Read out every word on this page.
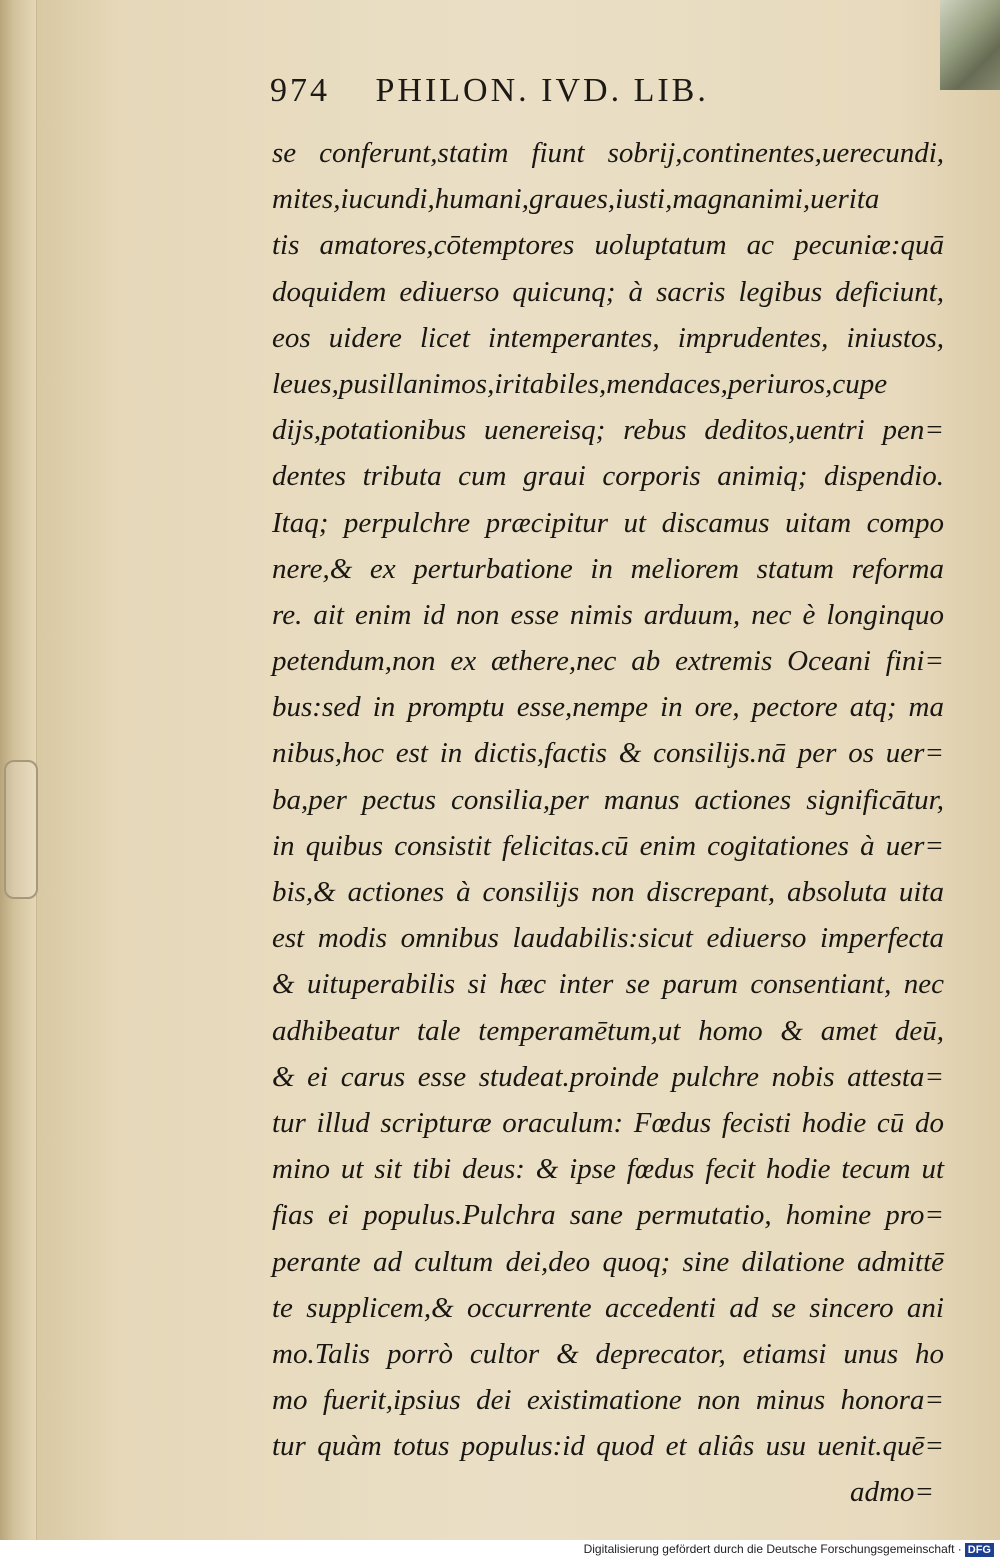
974 PHILON. IVD. LIB.
se conferunt,statim fiunt sobrij,continentes,uerecundi,
mites,iucundi,humani,graues,iusti,magnanimi,uerita
tis amatores,cōtemptores uoluptatum ac pecuniæ:quā
doquidem ediuerso quicunq; à sacris legibus deficiunt,
eos uidere licet intemperantes, imprudentes, iniustos,
leues,pusillanimos,iritabiles,mendaces,periuros,cupe
dijs,potationibus uenereisq; rebus deditos,uentri pen=
dentes tributa cum graui corporis animiq; dispendio.
Itaq; perpulchre præcipitur ut discamus uitam compo
nere,& ex perturbatione in meliorem statum reforma
re. ait enim id non esse nimis arduum, nec è longinquo
petendum,non ex æthere,nec ab extremis Oceani fini=
bus:sed in promptu esse,nempe in ore, pectore atq; ma
nibus,hoc est in dictis,factis & consilijs.nā per os uer=
ba,per pectus consilia,per manus actiones significātur,
in quibus consistit felicitas.cū enim cogitationes à uer=
bis,& actiones à consilijs non discrepant, absoluta uita
est modis omnibus laudabilis:sicut ediuerso imperfecta
& uituperabilis si hæc inter se parum consentiant, nec
adhibeatur tale temperamētum,ut homo & amet deū,
& ei carus esse studeat.proinde pulchre nobis attesta=
tur illud scripturæ oraculum: Fœdus fecisti hodie cū do
mino ut sit tibi deus: & ipse fœdus fecit hodie tecum ut
fias ei populus.Pulchra sane permutatio, homine pro=
perante ad cultum dei,deo quoq; sine dilatione admittē
te supplicem,& occurrente accedenti ad se sincero ani
mo.Talis porrò cultor & deprecator, etiamsi unus ho
mo fuerit,ipsius dei existimatione non minus honora=
tur quàm totus populus:id quod et aliâs usu uenit.quē=
admo=
Digitalisierung gefördert durch die Deutsche Forschungsgemeinschaft · DFG
